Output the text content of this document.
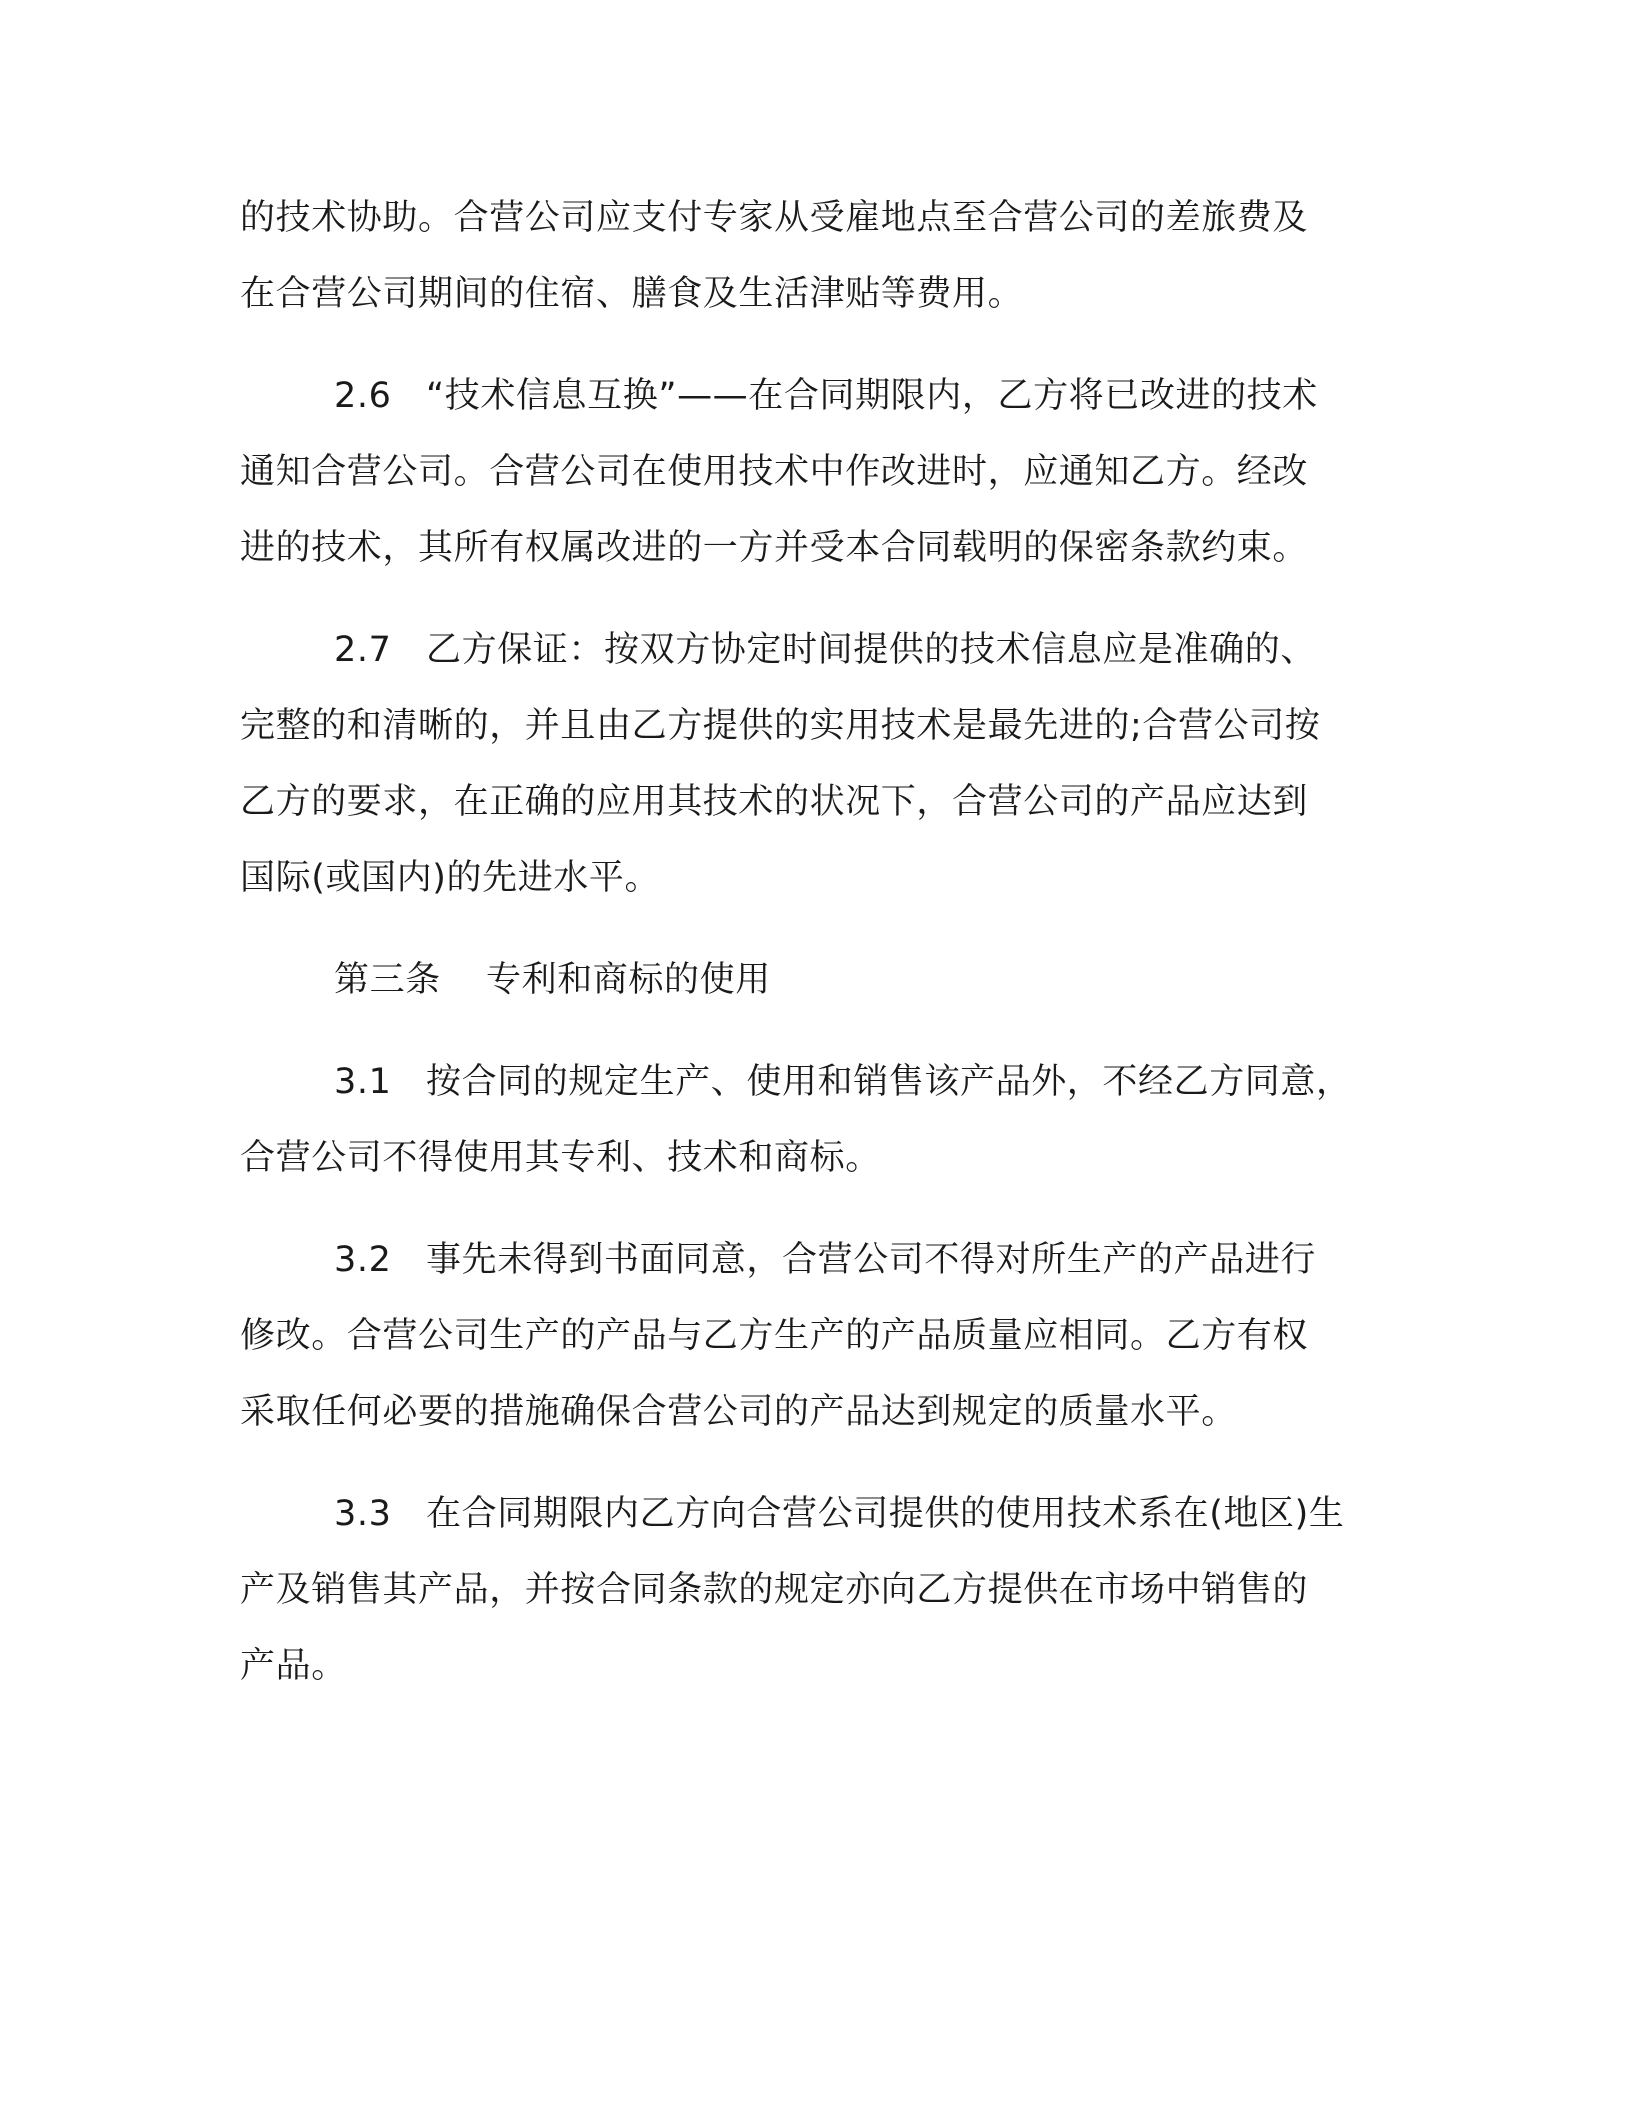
的技术协助。合营公司应支付专家从受雇地点至合营公司的差旅费及

在合营公司期间的住宿、膳食及生活津贴等费用。

2.6 “技术信息互换”——在合同期限内，乙方将已改进的技术

通知合营公司。合营公司在使用技术中作改进时，应通知乙方。经改

进的技术，其所有权属改进的一方并受本合同载明的保密条款约束。

2.7 乙方保证：按双方协定时间提供的技术信息应是准确的、

完整的和清晰的，并且由乙方提供的实用技术是最先进的;合营公司按

乙方的要求，在正确的应用其技术的状况下，合营公司的产品应达到

国际(或国内)的先进水平。

第三条 专利和商标的使用

3.1 按合同的规定生产、使用和销售该产品外，不经乙方同意，

合营公司不得使用其专利、技术和商标。

3.2 事先未得到书面同意，合营公司不得对所生产的产品进行

修改。合营公司生产的产品与乙方生产的产品质量应相同。乙方有权

采取任何必要的措施确保合营公司的产品达到规定的质量水平。

3.3 在合同期限内乙方向合营公司提供的使用技术系在(地区)生

产及销售其产品，并按合同条款的规定亦向乙方提供在市场中销售的

产品。
